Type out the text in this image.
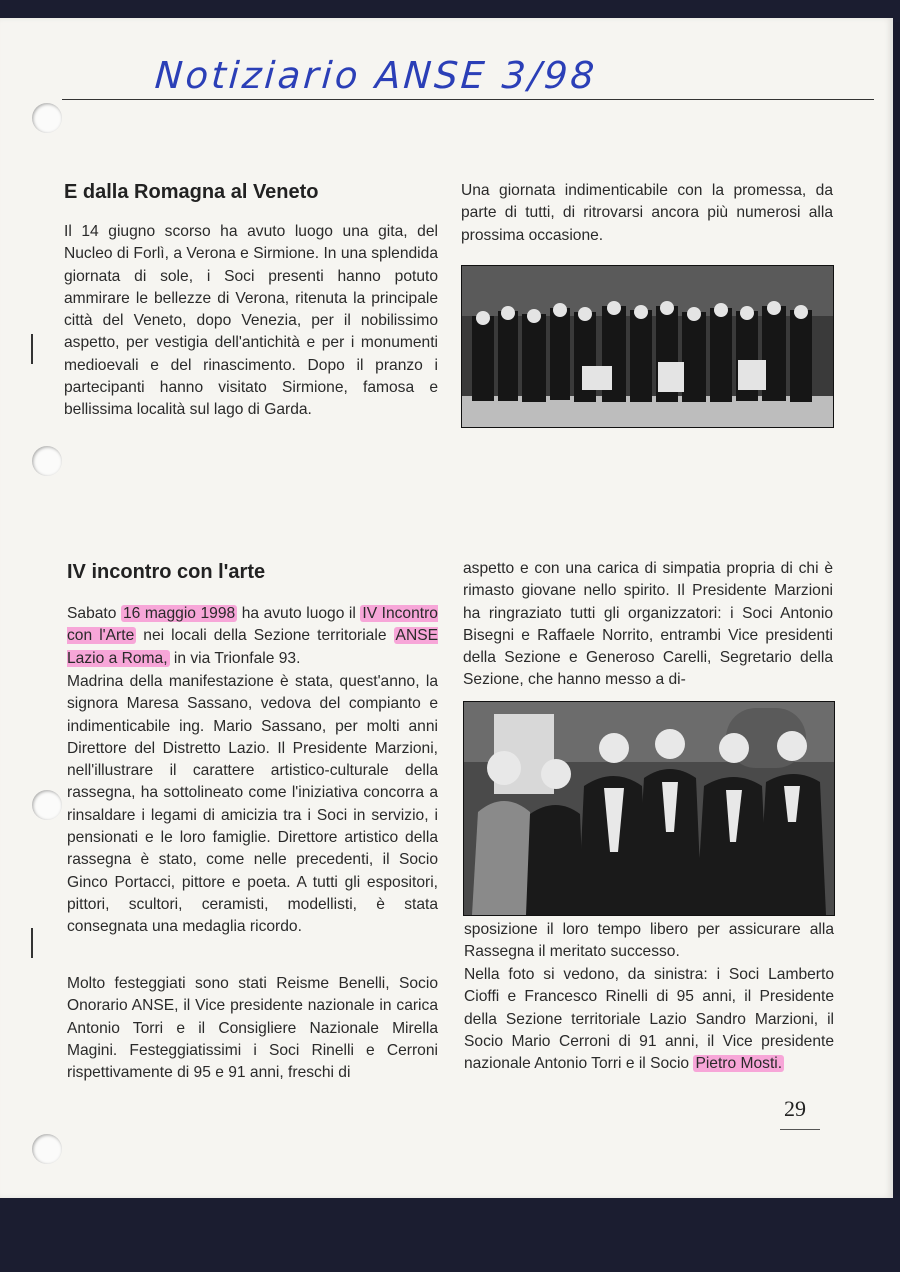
Notiziario ANSE 3/98
E dalla Romagna al Veneto

Il 14 giugno scorso ha avuto luogo una gita, del Nucleo di Forlì, a Verona e Sirmione. In una splendida giornata di sole, i Soci presenti hanno potuto ammirare le bellezze di Verona, ritenuta la principale città del Veneto, dopo Venezia, per il nobilissimo aspetto, per vestigia dell'antichità e per i monumenti medioevali e del rinascimento. Dopo il pranzo i partecipanti hanno visitato Sirmione, famosa e bellissima località sul lago di Garda.

Una giornata indimenticabile con la promessa, da parte di tutti, di ritrovarsi ancora più numerosi alla prossima occasione.

IV incontro con l'arte

Sabato 16 maggio 1998 ha avuto luogo il IV Incontro con l'Arte nei locali della Sezione territoriale ANSE Lazio a Roma, in via Trionfale 93.

Madrina della manifestazione è stata, quest'anno, la signora Maresa Sassano, vedova del compianto e indimenticabile ing. Mario Sassano, per molti anni Direttore del Distretto Lazio. Il Presidente Marzioni, nell'illustrare il carattere artistico-culturale della rassegna, ha sottolineato come l'iniziativa concorra a rinsaldare i legami di amicizia tra i Soci in servizio, i pensionati e le loro famiglie. Direttore artistico della rassegna è stato, come nelle precedenti, il Socio Ginco Portacci, pittore e poeta. A tutti gli espositori, pittori, scultori, ceramisti, modellisti, è stata consegnata una medaglia ricordo.

Molto festeggiati sono stati Reisme Benelli, Socio Onorario ANSE, il Vice presidente nazionale in carica Antonio Torri e il Consigliere Nazionale Mirella Magini. Festeggiatissimi i Soci Rinelli e Cerroni rispettivamente di 95 e 91 anni, freschi di

aspetto e con una carica di simpatia propria di chi è rimasto giovane nello spirito. Il Presidente Marzioni ha ringraziato tutti gli organizzatori: i Soci Antonio Bisegni e Raffaele Norrito, entrambi Vice presidenti della Sezione e Generoso Carelli, Segretario della Sezione, che hanno messo a di-

sposizione il loro tempo libero per assicurare alla Rassegna il meritato successo.

Nella foto si vedono, da sinistra: i Soci Lamberto Cioffi e Francesco Rinelli di 95 anni, il Presidente della Sezione territoriale Lazio Sandro Marzioni, il Socio Mario Cerroni di 91 anni, il Vice presidente nazionale Antonio Torri e il Socio Pietro Mosti.

29
